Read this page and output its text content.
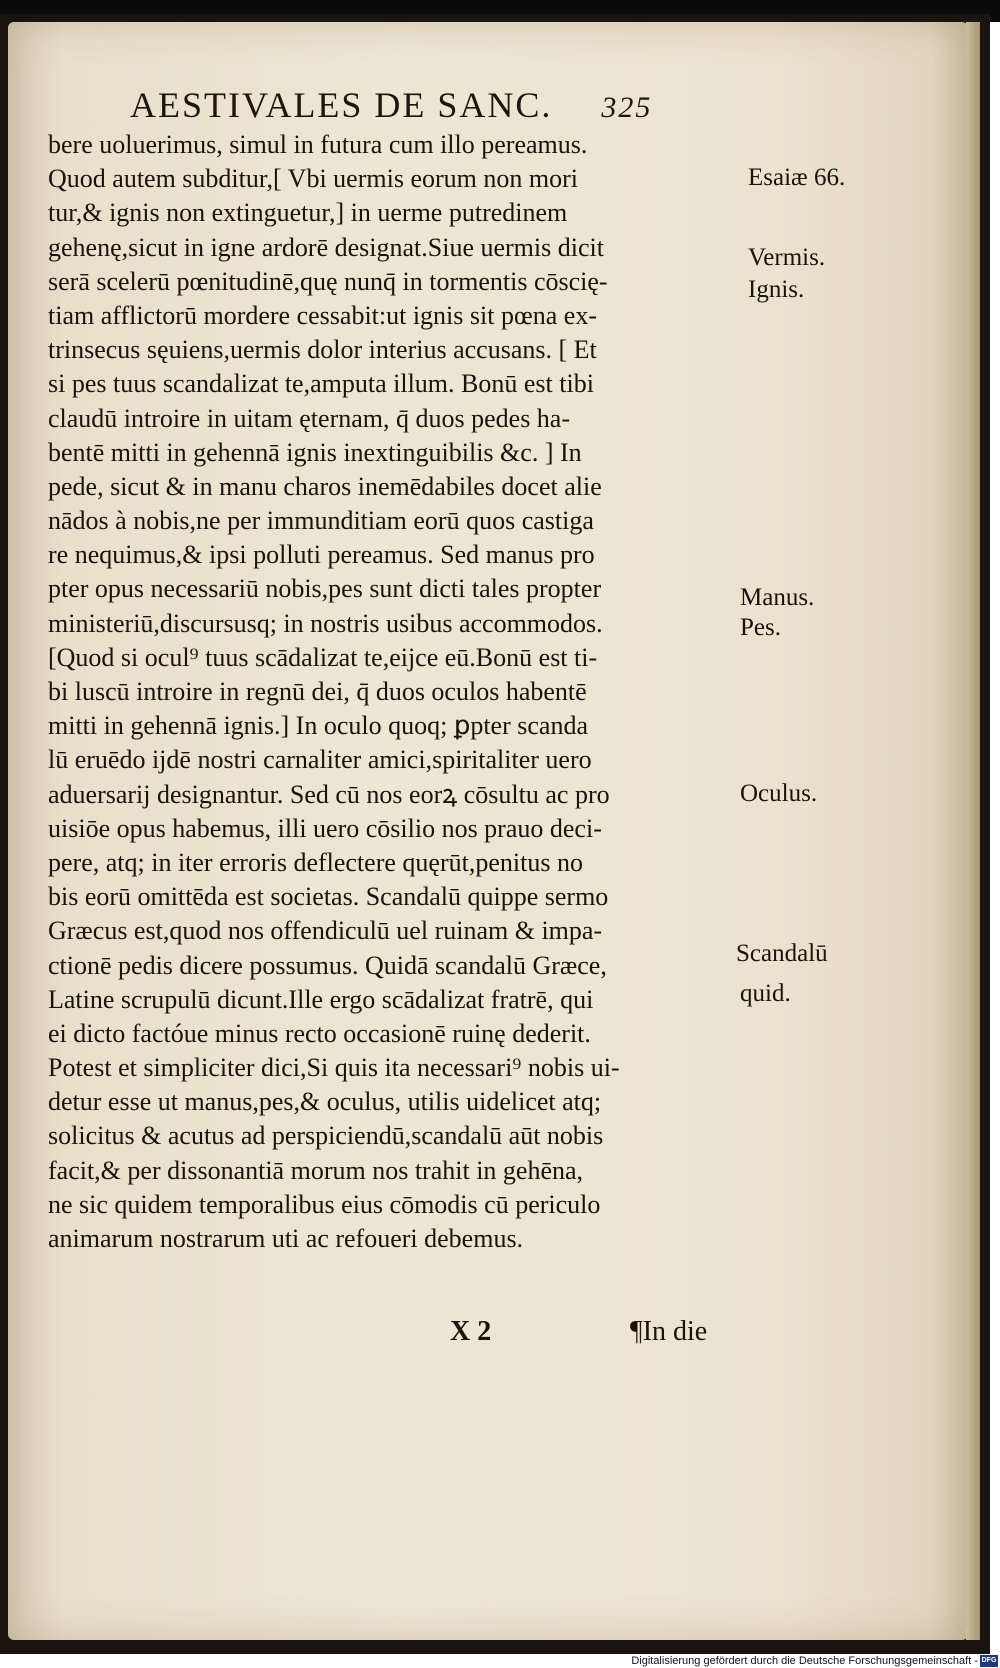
AESTIVALES DE SANC. 325
bere uoluerimus, simul in futura cum illo pereamus.
Quod autem subditur,[ Vbi uermis eorum non mori
tur,& ignis non extinguetur,] in uerme putredinem
gehenę,sicut in igne ardorē designat.Siue uermis dicit
serā scelerū pœnitudinē,quę nunq̄ in tormentis cōscię-
tiam afflictorū mordere cessabit:ut ignis sit pœna ex-
trinsecus sęuiens,uermis dolor interius accusans. [ Et
si pes tuus scandalizat te,amputa illum. Bonū est tibi
claudū introire in uitam ęternam, q̄ duos pedes ha-
bentē mitti in gehennā ignis inextinguibilis &c. ] In
pede, sicut & in manu charos inemēdabiles docet alie
nādos à nobis,ne per immunditiam eorū quos castiga
re nequimus,& ipsi polluti pereamus. Sed manus pro
pter opus necessariū nobis,pes sunt dicti tales propter
ministeriū,discursusq; in nostris usibus accommodos.
[Quod si ocul⁹ tuus scādalizat te,eijce eū.Bonū est ti-
bi luscū introire in regnū dei, q̄ duos oculos habentē
mitti in gehennā ignis.] In oculo quoq; ꝑpter scanda
lū eruēdo ijdē nostri carnaliter amici,spiritaliter uero
aduersarij designantur. Sed cū nos eorꝝ cōsultu ac pro
uisiōe opus habemus, illi uero cōsilio nos prauo deci-
pere, atq; in iter erroris deflectere quęrūt,penitus no
bis eorū omittēda est societas. Scandalū quippe sermo
Græcus est,quod nos offendiculū uel ruinam & impa-
ctionē pedis dicere possumus. Quidā scandalū Græce,
Latine scrupulū dicunt.Ille ergo scādalizat fratrē, qui
ei dicto factóue minus recto occasionē ruinę dederit.
Potest et simpliciter dici,Si quis ita necessari⁹ nobis ui-
detur esse ut manus,pes,& oculus, utilis uidelicet atq;
solicitus & acutus ad perspiciendū,scandalū aūt nobis
facit,& per dissonantiā morum nos trahit in gehēna,
ne sic quidem temporalibus eius cōmodis cū periculo
animarum nostrarum uti ac refoueri debemus.
Esaiæ 66.
Vermis.
Ignis.
Manus.
Pes.
Oculus.
Scandalū
quid.
X 2	¶In die
Digitalisierung gefördert durch die Deutsche Forschungsgemeinschaft - DFG
